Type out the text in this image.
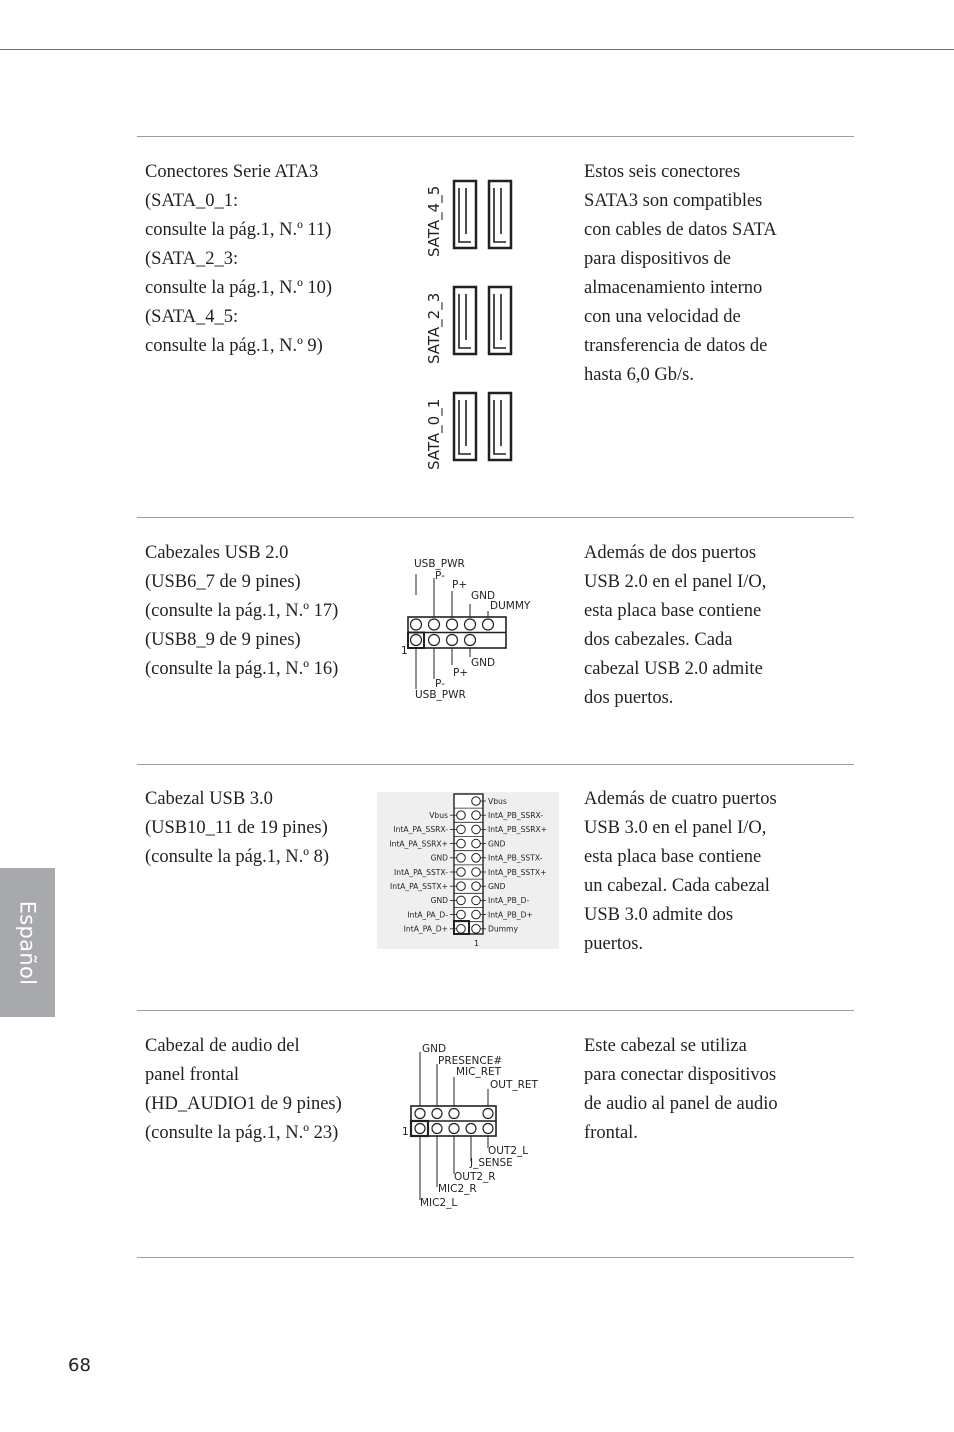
Conectores Serie ATA3
(SATA_0_1:
consulte la pág.1, N.º 11)
(SATA_2_3:
consulte la pág.1, N.º 10)
(SATA_4_5:
consulte la pág.1, N.º 9)
SATA_4_5
SATA_2_3
SATA_0_1
Estos seis conectores
SATA3 son compatibles
con cables de datos SATA
para dispositivos de
almacenamiento interno
con una velocidad de
transferencia de datos de
hasta 6,0 Gb/s.
Cabezales USB 2.0
(USB6_7 de 9 pines)
(consulte la pág.1, N.º 17)
(USB8_9 de 9 pines)
(consulte la pág.1, N.º 16)
USB_PWR
P-
P+
GND
DUMMY
1
GND
P+
P-
USB_PWR
Además de dos puertos
USB 2.0 en el panel I/O,
esta placa base contiene
dos cabezales. Cada
cabezal USB 2.0 admite
dos puertos.
Cabezal USB 3.0
(USB10_11 de 19 pines)
(consulte la pág.1, N.º 8)
Vbus
IntA_PB_SSRX-
Vbus
IntA_PB_SSRX+
IntA_PA_SSRX-
GND
IntA_PA_SSRX+
IntA_PB_SSTX-
GND
IntA_PB_SSTX+
IntA_PA_SSTX-
GND
IntA_PA_SSTX+
IntA_PB_D-
GND
IntA_PB_D+
IntA_PA_D-
Dummy
IntA_PA_D+
1
Además de cuatro puertos
USB 3.0 en el panel I/O,
esta placa base contiene
un cabezal. Cada cabezal
USB 3.0 admite dos
puertos.
Cabezal de audio del
panel frontal
(HD_AUDIO1 de 9 pines)
(consulte la pág.1, N.º 23)
GND
PRESENCE#
MIC_RET
OUT_RET
1
OUT2_L
J_SENSE
OUT2_R
MIC2_R
MIC2_L
Este cabezal se utiliza
para conectar dispositivos
de audio al panel de audio
frontal.
Español
68
